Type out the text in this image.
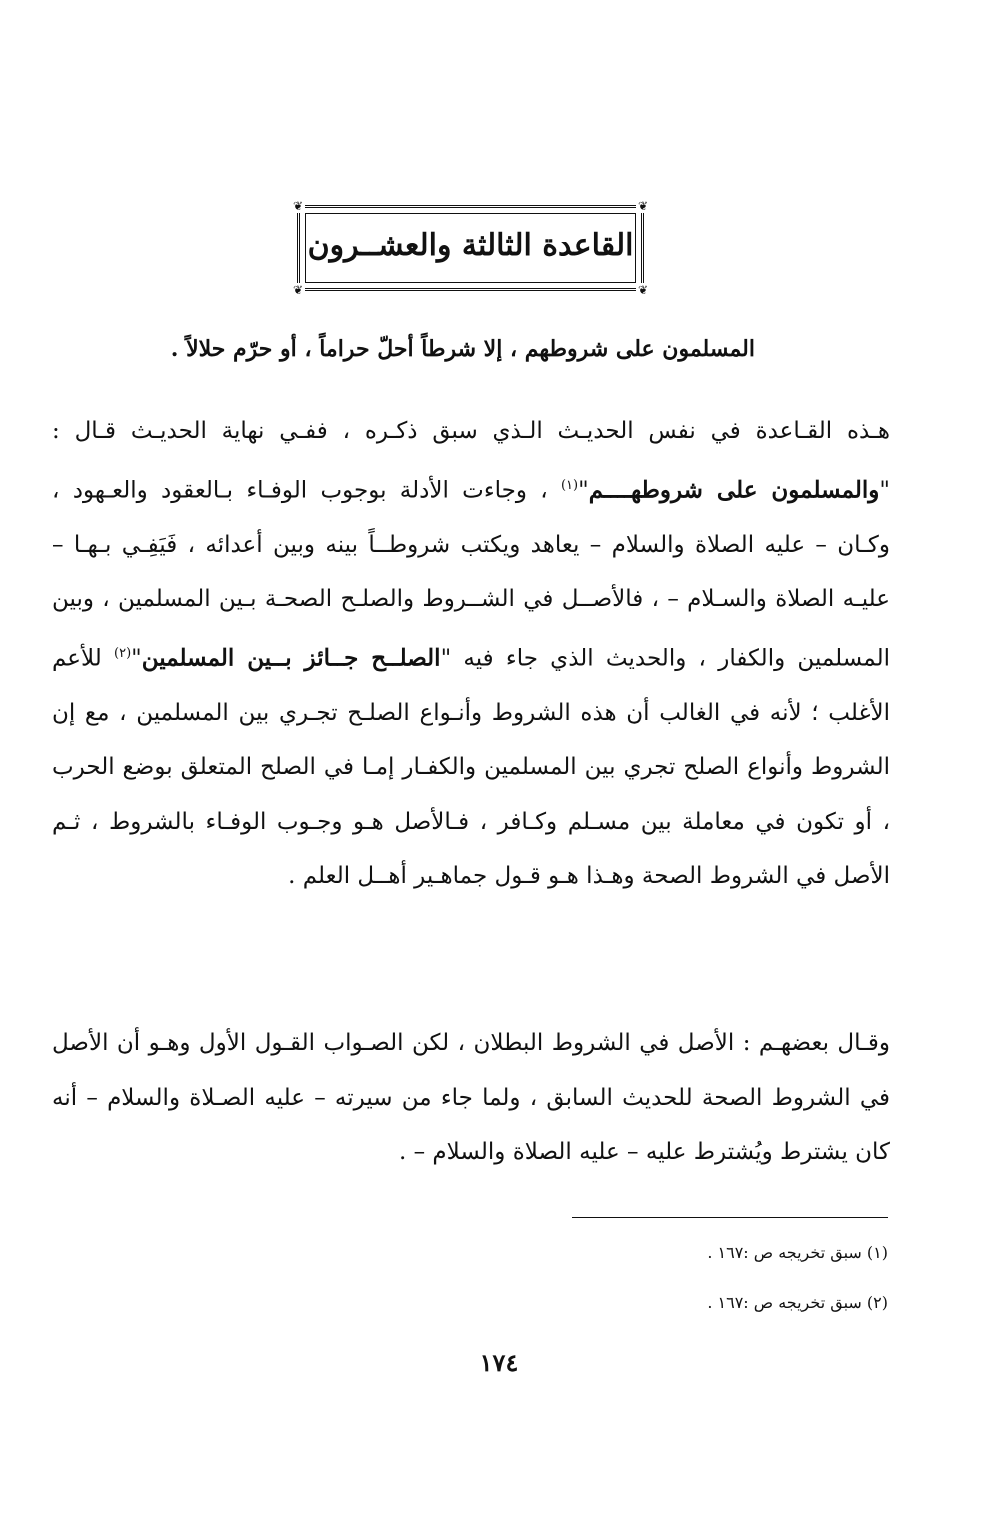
❦	❦
❦	❦
القاعدة الثالثة والعشــرون
المسلمون على شروطهم ، إلا شرطاً أحلّ حراماً ، أو حرّم حلالاً .
هـذه القـاعدة في نفس الحديـث الـذي سبق ذكـره ، ففـي نهاية الحديـث قـال : "والمسلمون على شروطهــــم"$^{(١)}$ ، وجاءت الأدلة بوجوب الوفـاء بـالعقود والعـهود ، وكـان – عليه الصلاة والسلام – يعاهد ويكتب شروطــاً بينه وبين أعدائه ، فَيَفِـي بـهـا – عليـه الصلاة والسـلام – ، فالأصــل في الشــروط والصلـح الصحـة بـين المسلمين ، وبين المسلمين والكفار ، والحديث الذي جاء فيه "الصلــح جــائز بــين المسلمين"$^{(٢)}$ للأعم الأغلب ؛ لأنه في الغالب أن هذه الشروط وأنـواع الصلـح تجـري بين المسلمين ، مع إن الشروط وأنواع الصلح تجري بين المسلمين والكفـار إمـا في الصلح المتعلق بوضع الحرب ، أو تكون في معاملة بين مسـلم وكـافر ، فـالأصل هـو وجـوب الوفـاء بالشروط ، ثـم الأصل في الشروط الصحة وهـذا هـو قـول جماهـير أهــل العلم .
وقـال بعضهـم : الأصل في الشروط البطلان ، لكن الصـواب القـول الأول وهـو أن الأصل في الشروط الصحة للحديث السابق ، ولما جاء من سيرته – عليه الصـلاة والسلام – أنه كان يشترط ويُشترط عليه – عليه الصلاة والسلام – .
(١) سبق تخريجه ص :١٦٧ .
(٢) سبق تخريجه ص :١٦٧ .
١٧٤
